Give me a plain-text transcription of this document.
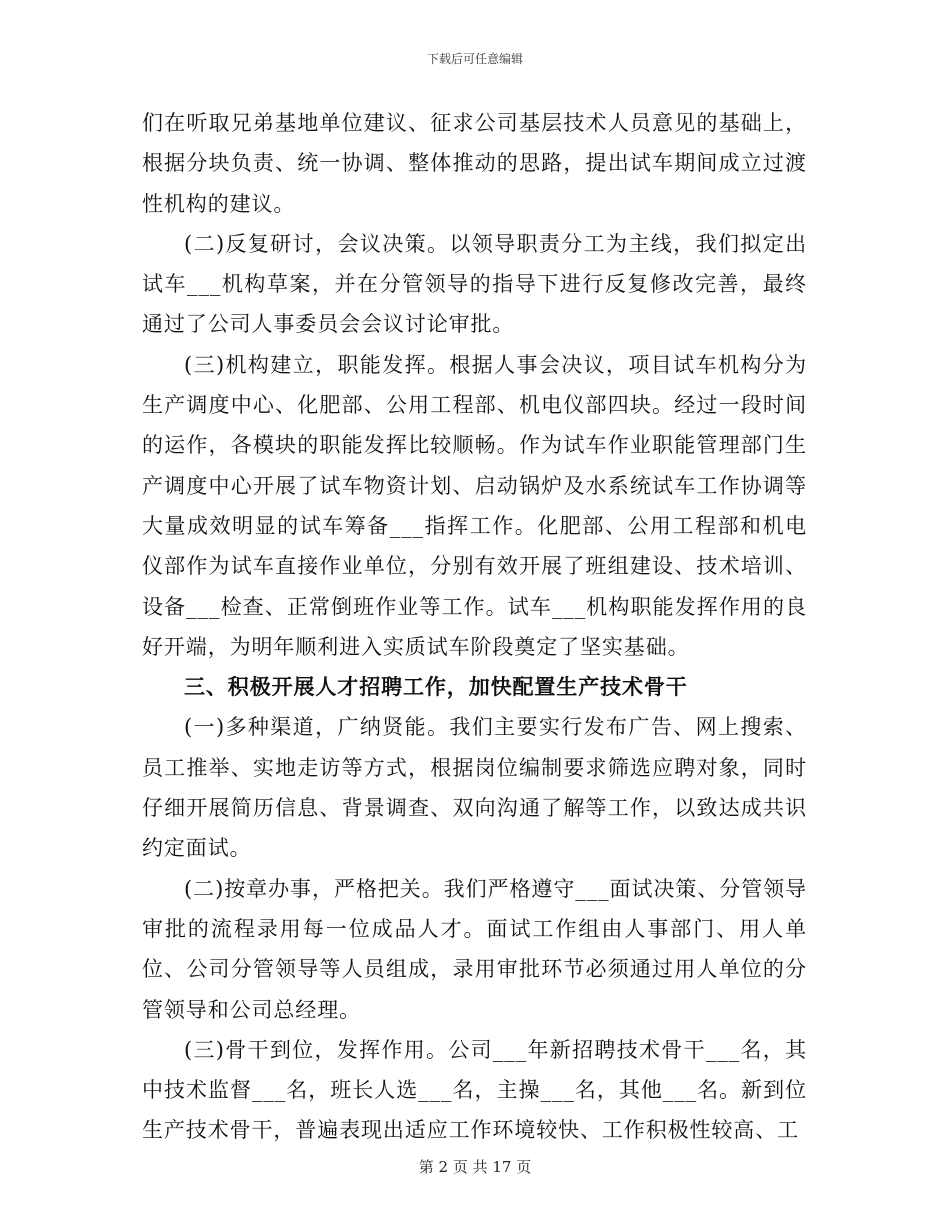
下载后可任意编辑

们在听取兄弟基地单位建议、征求公司基层技术人员意见的基础上，根据分块负责、统一协调、整体推动的思路，提出试车期间成立过渡性机构的建议。

(二)反复研讨，会议决策。以领导职责分工为主线，我们拟定出试车___机构草案，并在分管领导的指导下进行反复修改完善，最终通过了公司人事委员会会议讨论审批。

(三)机构建立，职能发挥。根据人事会决议，项目试车机构分为生产调度中心、化肥部、公用工程部、机电仪部四块。经过一段时间的运作，各模块的职能发挥比较顺畅。作为试车作业职能管理部门生产调度中心开展了试车物资计划、启动锅炉及水系统试车工作协调等大量成效明显的试车筹备___指挥工作。化肥部、公用工程部和机电仪部作为试车直接作业单位，分别有效开展了班组建设、技术培训、设备___检查、正常倒班作业等工作。试车___机构职能发挥作用的良好开端，为明年顺利进入实质试车阶段奠定了坚实基础。

三、积极开展人才招聘工作，加快配置生产技术骨干

(一)多种渠道，广纳贤能。我们主要实行发布广告、网上搜索、员工推举、实地走访等方式，根据岗位编制要求筛选应聘对象，同时仔细开展简历信息、背景调查、双向沟通了解等工作，以致达成共识约定面试。

(二)按章办事，严格把关。我们严格遵守___面试决策、分管领导审批的流程录用每一位成品人才。面试工作组由人事部门、用人单位、公司分管领导等人员组成，录用审批环节必须通过用人单位的分管领导和公司总经理。

(三)骨干到位，发挥作用。公司___年新招聘技术骨干___名，其中技术监督___名，班长人选___名，主操___名，其他___名。新到位生产技术骨干，普遍表现出适应工作环境较快、工作积极性较高、工

第 2 页 共 17 页
